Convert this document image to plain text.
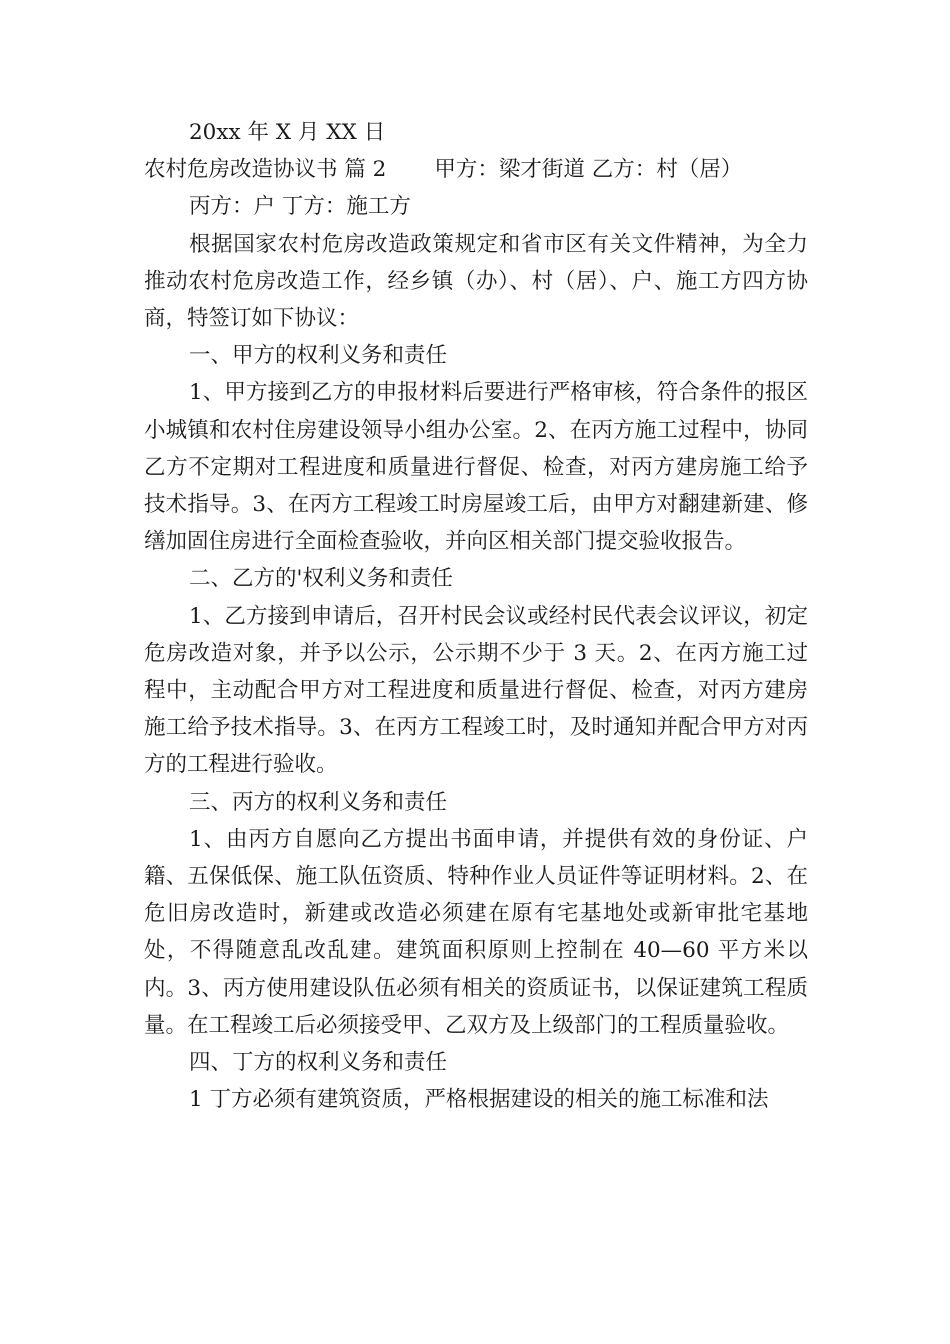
20xx 年 X 月 XX 日

农村危房改造协议书 篇 2 甲方：梁才街道 乙方：村（居）

丙方：户 丁方：施工方

根据国家农村危房改造政策规定和省市区有关文件精神，为全力推动农村危房改造工作，经乡镇（办）、村（居）、户、施工方四方协商，特签订如下协议：

一、甲方的权利义务和责任

1、甲方接到乙方的申报材料后要进行严格审核，符合条件的报区小城镇和农村住房建设领导小组办公室。2、在丙方施工过程中，协同乙方不定期对工程进度和质量进行督促、检查，对丙方建房施工给予技术指导。3、在丙方工程竣工时房屋竣工后，由甲方对翻建新建、修缮加固住房进行全面检查验收，并向区相关部门提交验收报告。

二、乙方的'权利义务和责任

1、乙方接到申请后，召开村民会议或经村民代表会议评议，初定危房改造对象，并予以公示，公示期不少于 3 天。2、在丙方施工过程中，主动配合甲方对工程进度和质量进行督促、检查，对丙方建房施工给予技术指导。3、在丙方工程竣工时，及时通知并配合甲方对丙方的工程进行验收。

三、丙方的权利义务和责任

1、由丙方自愿向乙方提出书面申请，并提供有效的身份证、户籍、五保低保、施工队伍资质、特种作业人员证件等证明材料。2、在危旧房改造时，新建或改造必须建在原有宅基地处或新审批宅基地处，不得随意乱改乱建。建筑面积原则上控制在 40—60 平方米以内。3、丙方使用建设队伍必须有相关的资质证书，以保证建筑工程质量。在工程竣工后必须接受甲、乙双方及上级部门的工程质量验收。

四、丁方的权利义务和责任

1 丁方必须有建筑资质，严格根据建设的相关的施工标准和法
